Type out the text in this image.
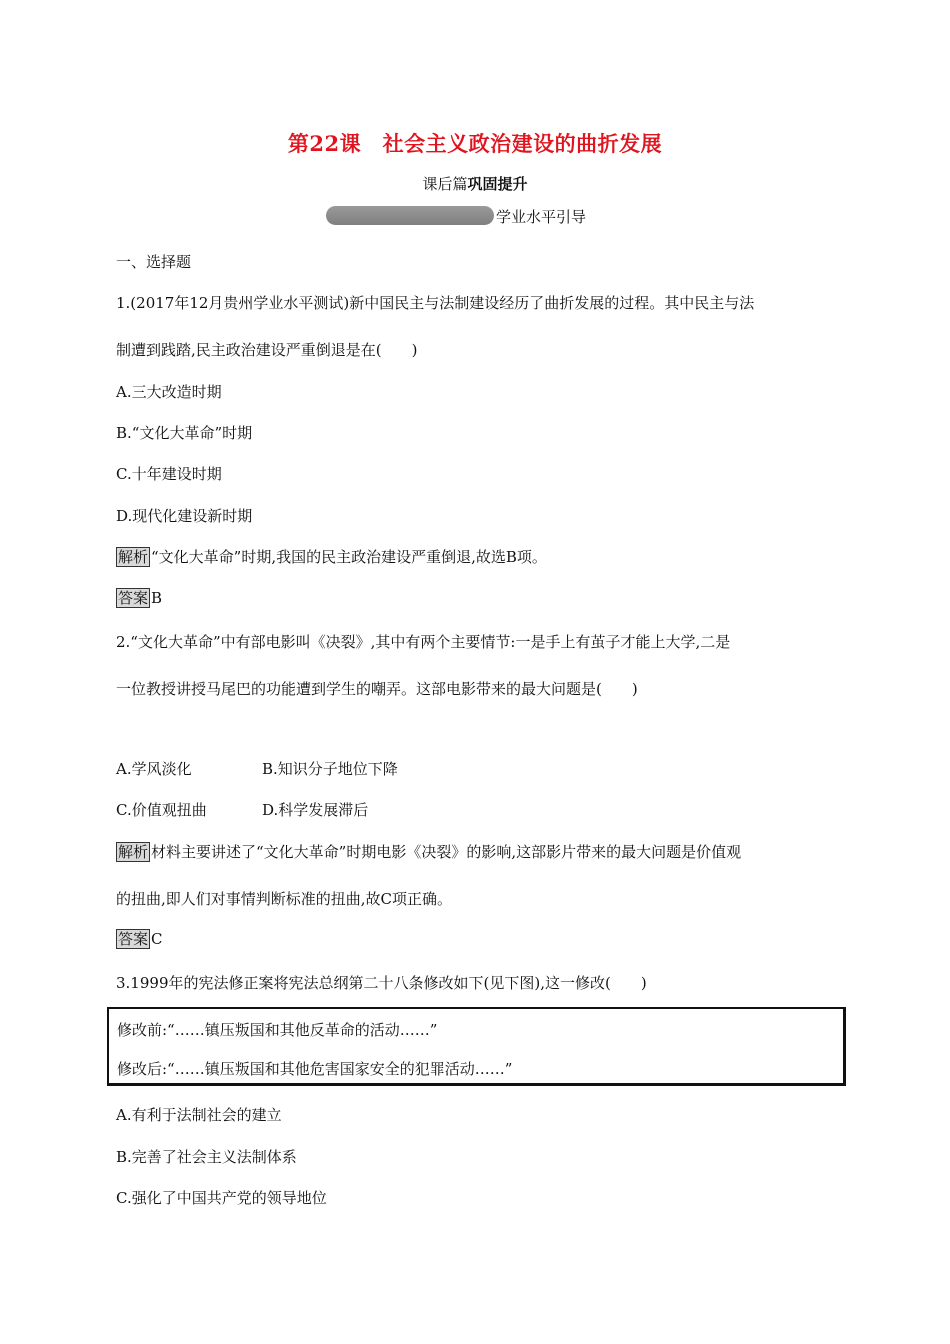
第22课　社会主义政治建设的曲折发展
课后篇巩固提升
学业水平引导
一、选择题
1.(2017年12月贵州学业水平测试)新中国民主与法制建设经历了曲折发展的过程。其中民主与法
制遭到践踏,民主政治建设严重倒退是在(　　)
A.三大改造时期
B.“文化大革命”时期
C.十年建设时期
D.现代化建设新时期
解析 “文化大革命”时期,我国的民主政治建设严重倒退,故选B项。
答案 B
2.“文化大革命”中有部电影叫《决裂》,其中有两个主要情节:一是手上有茧子才能上大学,二是
一位教授讲授马尾巴的功能遭到学生的嘲弄。这部电影带来的最大问题是(　　)
A.学风淡化	B.知识分子地位下降
C.价值观扭曲	D.科学发展滞后
解析 材料主要讲述了“文化大革命”时期电影《决裂》的影响,这部影片带来的最大问题是价值观
的扭曲,即人们对事情判断标准的扭曲,故C项正确。
答案 C
3.1999年的宪法修正案将宪法总纲第二十八条修改如下(见下图),这一修改(　　)
修改前:“……镇压叛国和其他反革命的活动……”
修改后:“……镇压叛国和其他危害国家安全的犯罪活动……”
A.有利于法制社会的建立
B.完善了社会主义法制体系
C.强化了中国共产党的领导地位
